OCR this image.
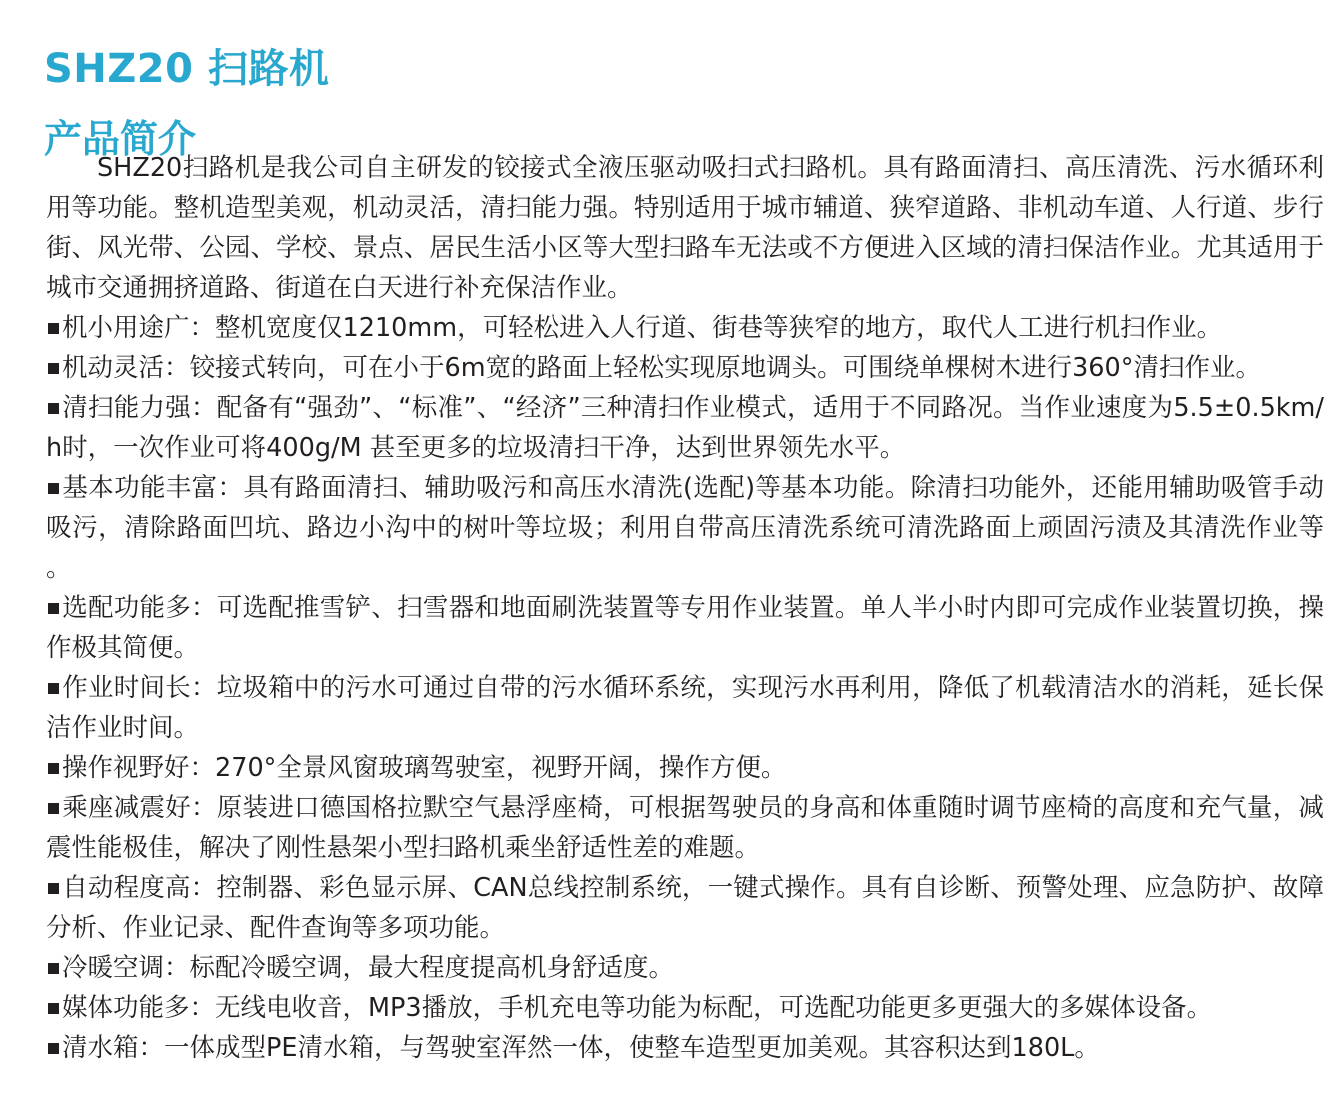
SHZ20 扫路机
产品简介

SHZ20扫路机是我公司自主研发的铰接式全液压驱动吸扫式扫路机。具有路面清扫、高压清洗、污水循环利用等功能。整机造型美观，机动灵活，清扫能力强。特别适用于城市辅道、狭窄道路、非机动车道、人行道、步行街、风光带、公园、学校、景点、居民生活小区等大型扫路车无法或不方便进入区域的清扫保洁作业。尤其适用于城市交通拥挤道路、街道在白天进行补充保洁作业。

机小用途广：整机宽度仅1210mm，可轻松进入人行道、街巷等狭窄的地方，取代人工进行机扫作业。

机动灵活：铰接式转向，可在小于6m宽的路面上轻松实现原地调头。可围绕单棵树木进行360°清扫作业。

清扫能力强：配备有“强劲”、“标准”、“经济”三种清扫作业模式，适用于不同路况。当作业速度为5.5±0.5km/h时，一次作业可将400g/M 甚至更多的垃圾清扫干净，达到世界领先水平。

基本功能丰富：具有路面清扫、辅助吸污和高压水清洗(选配)等基本功能。除清扫功能外，还能用辅助吸管手动吸污，清除路面凹坑、路边小沟中的树叶等垃圾；利用自带高压清洗系统可清洗路面上顽固污渍及其清洗作业等 。

选配功能多：可选配推雪铲、扫雪器和地面刷洗装置等专用作业装置。单人半小时内即可完成作业装置切换，操作极其简便。

作业时间长：垃圾箱中的污水可通过自带的污水循环系统，实现污水再利用，降低了机载清洁水的消耗，延长保洁作业时间。

操作视野好：270°全景风窗玻璃驾驶室，视野开阔，操作方便。

乘座减震好：原装进口德国格拉默空气悬浮座椅，可根据驾驶员的身高和体重随时调节座椅的高度和充气量，减震性能极佳，解决了刚性悬架小型扫路机乘坐舒适性差的难题。

自动程度高：控制器、彩色显示屏、CAN总线控制系统，一键式操作。具有自诊断、预警处理、应急防护、故障分析、作业记录、配件查询等多项功能。

冷暖空调：标配冷暖空调，最大程度提高机身舒适度。

媒体功能多：无线电收音，MP3播放，手机充电等功能为标配，可选配功能更多更强大的多媒体设备。

清水箱：一体成型PE清水箱，与驾驶室浑然一体，使整车造型更加美观。其容积达到180L。
